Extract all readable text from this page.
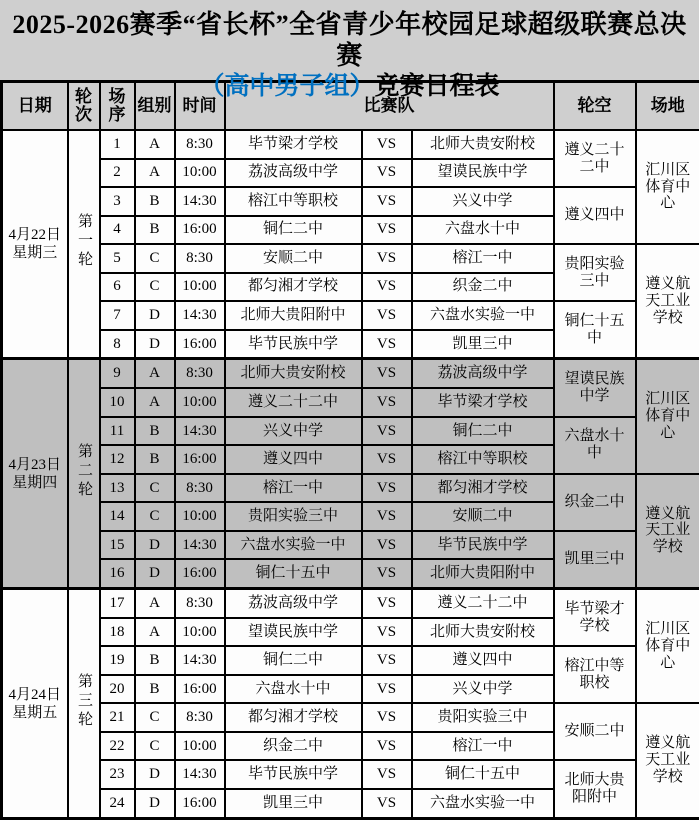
2025-2026赛季“省长杯”全省青少年校园足球超级联赛总决赛
（高中男子组）竞赛日程表
日期	轮次	场序	组别	时间	比赛队			轮空	场地

4月22日
星期三	第一轮	1	A	8:30	毕节梁才学校	VS	北师大贵安附校	遵义二十二中	汇川区体育中心
		2	A	10:00	荔波高级中学	VS	望谟民族中学		
		3	B	14:30	榕江中等职校	VS	兴义中学	遵义四中	
		4	B	16:00	铜仁二中	VS	六盘水十中		
		5	C	8:30	安顺二中	VS	榕江一中	贵阳实验三中	遵义航天工业学校
		6	C	10:00	都匀湘才学校	VS	织金二中		
		7	D	14:30	北师大贵阳附中	VS	六盘水实验一中	铜仁十五中	
		8	D	16:00	毕节民族中学	VS	凯里三中		

4月23日
星期四	第二轮	9	A	8:30	北师大贵安附校	VS	荔波高级中学	望谟民族中学	汇川区体育中心
		10	A	10:00	遵义二十二中	VS	毕节梁才学校		
		11	B	14:30	兴义中学	VS	铜仁二中	六盘水十中	
		12	B	16:00	遵义四中	VS	榕江中等职校		
		13	C	8:30	榕江一中	VS	都匀湘才学校	织金二中	遵义航天工业学校
		14	C	10:00	贵阳实验三中	VS	安顺二中		
		15	D	14:30	六盘水实验一中	VS	毕节民族中学	凯里三中	
		16	D	16:00	铜仁十五中	VS	北师大贵阳附中		

4月24日
星期五	第三轮	17	A	8:30	荔波高级中学	VS	遵义二十二中	毕节梁才学校	汇川区体育中心
		18	A	10:00	望谟民族中学	VS	北师大贵安附校		
		19	B	14:30	铜仁二中	VS	遵义四中	榕江中等职校	
		20	B	16:00	六盘水十中	VS	兴义中学		
		21	C	8:30	都匀湘才学校	VS	贵阳实验三中	安顺二中	遵义航天工业学校
		22	C	10:00	织金二中	VS	榕江一中		
		23	D	14:30	毕节民族中学	VS	铜仁十五中	北师大贵阳附中	
		24	D	16:00	凯里三中	VS	六盘水实验一中		
